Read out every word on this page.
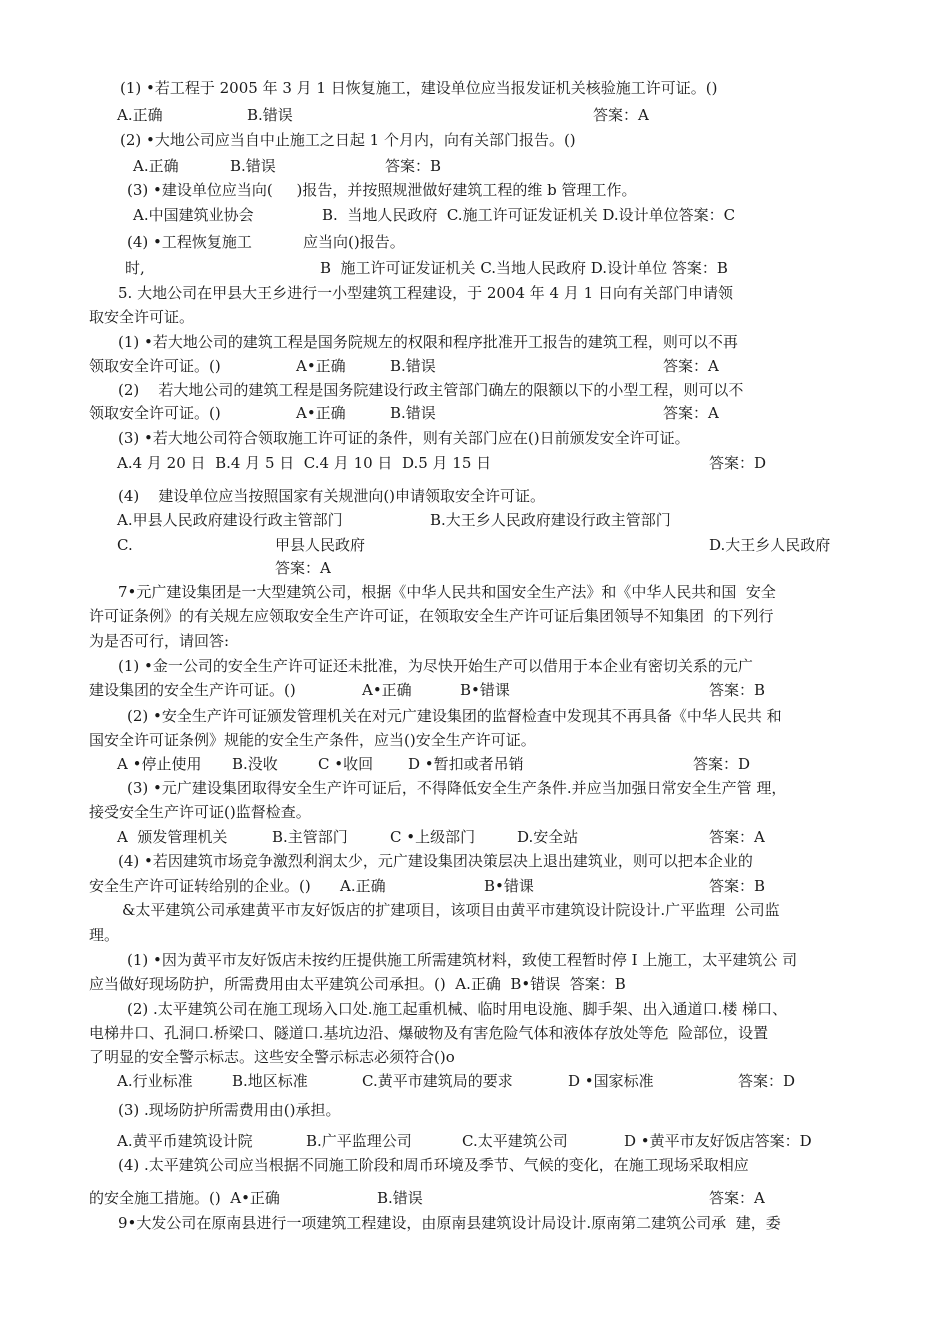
(1) •若工程于 2005 年 3 月 1 日恢复施工，建设单位应当报发证机关核验施工许可证。()
A.正确	B.错误	答案：A
(2) •大地公司应当自中止施工之日起 1 个月内，向有关部门报告。()
A.正确	B.错误	答案：B
(3) •建设单位应当向(     )报告，并按照规泄做好建筑工程的维 b 管理工作。
A.中国建筑业协会	B.  当地人民政府  C.施工许可证发证机关 D.设计单位答案：C
(4) •工程恢复施工	应当向()报告。
时,	B  施工许可证发证机关 C.当地人民政府 D.设计单位 答案：B
5. 大地公司在甲县大王乡进行一小型建筑工程建设，于 2004 年 4 月 1 日向有关部门申请领
取安全许可证。
(1) •若大地公司的建筑工程是国务院规左的权限和程序批准开工报告的建筑工程，则可以不再
领取安全许可证。()	A•正确	B.错误	答案：A
(2)    若大地公司的建筑工程是国务院建设行政主管部门确左的限额以下的小型工程，则可以不
领取安全许可证。()	A•正确	B.错误	答案：A
(3) •若大地公司符合领取施工许可证的条件，则有关部门应在()日前颁发安全许可证。
A.4 月 20 日  B.4 月 5 日  C.4 月 10 日  D.5 月 15 日	答案：D
(4)    建设单位应当按照国家有关规泄向()申请领取安全许可证。
A.甲县人民政府建设行政主管部门	B.大王乡人民政府建设行政主管部门
C.	甲县人民政府	D.大王乡人民政府
答案：A
7•元广建设集团是一大型建筑公司，根据《中华人民共和国安全生产法》和《中华人民共和国  安全
许可证条例》的有关规左应领取安全生产许可证，在领取安全生产许可证后集团领导不知集团  的下列行
为是否可行，请回答:
(1) •金一公司的安全生产许可证还未批准，为尽快开始生产可以借用于本企业有密切关系的元广
建设集团的安全生产许可证。()	A•正确	B•错课	答案：B
(2) •安全生产许可证颁发管理机关在对元广建设集团的监督检查中发现其不再具备《中华人民共 和
国安全许可证条例》规能的安全生产条件，应当()安全生产许可证。
A •停止使用 B.没收	C •收回 D •暂扣或者吊销	答案：D
(3) •元广建设集团取得安全生产许可证后，不得降低安全生产条件.并应当加强日常安全生产管 理，
接受安全生产许可证()监督检查。
A  颁发管理机关	B.主管部门	C •上级部门	D.安全站	答案：A
(4) •若因建筑市场竞争激烈利润太少，元广建设集团决策层决上退出建筑业，则可以把本企业的
安全生产许可证转给别的企业。() A.正确	B•错课	答案：B
&太平建筑公司承建黄平市友好饭店的扩建项目，该项目由黄平市建筑设计院设计.广平监理  公司监
理。
(1) •因为黄平市友好饭店未按约圧提供施工所需建筑材料，致使工程暂时停 I 上施工，太平建筑公 司
应当做好现场防护，所需费用由太平建筑公司承担。()  A.正确  B•错误  答案：B
(2) .太平建筑公司在施工现场入口处.施工起重机械、临时用电设施、脚手架、出入通道口.楼 梯口、
电梯井口、孔洞口.桥梁口、隧道口.基坑边沿、爆破物及有害危险气体和液体存放处等危  险部位，设置
了明显的安全警示标志。这些安全警示标志必须符合()o
A.行业标准	B.地区标准	C.黄平市建筑局的要求	D •国家标准	答案：D
(3) .现场防护所需费用由()承担。
A.黄平币建筑设计院	B.广平监理公司	C.太平建筑公司	D •黄平市友好饭店答案：D
(4) .太平建筑公司应当根据不同施工阶段和周币环境及季节、气候的变化，在施工现场采取相应
的安全施工措施。()  A•正确	B.错误	答案：A
9•大发公司在原南县进行一项建筑工程建设，由原南县建筑设计局设计.原南第二建筑公司承  建，委
